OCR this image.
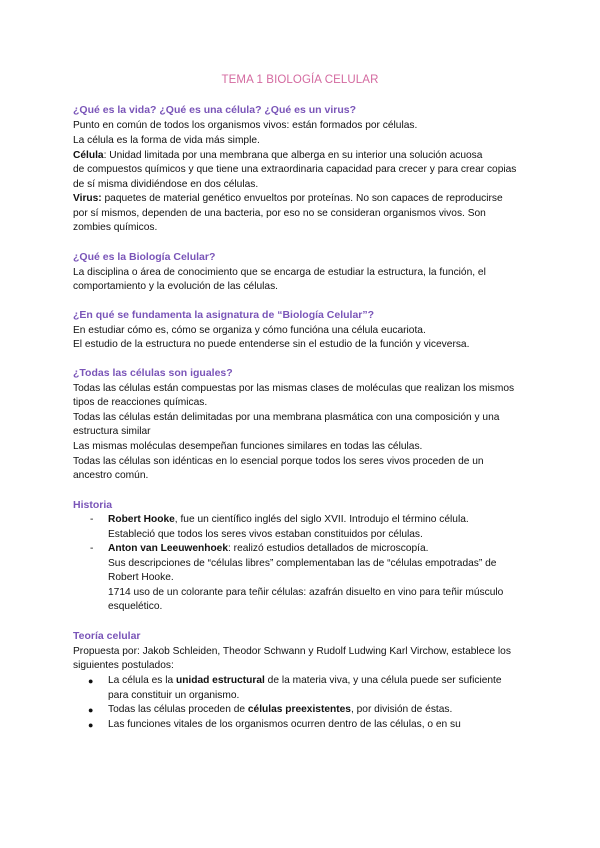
TEMA 1 BIOLOGÍA CELULAR
¿Qué es la vida? ¿Qué es una célula? ¿Qué es un virus?
Punto en común de todos los organismos vivos: están formados por células.
La célula es la forma de vida más simple.
Célula: Unidad limitada por una membrana que alberga en su interior una solución acuosa
de compuestos químicos y que tiene una extraordinaria capacidad para crecer y para crear copias
de sí misma dividiéndose en dos células.
Virus: paquetes de material genético envueltos por proteínas. No son capaces de reproducirse
por sí mismos, dependen de una bacteria, por eso no se consideran organismos vivos. Son
zombies químicos.
¿Qué es la Biología Celular?
La disciplina o área de conocimiento que se encarga de estudiar la estructura, la función, el
comportamiento y la evolución de las células.
¿En qué se fundamenta la asignatura de “Biología Celular”?
En estudiar cómo es, cómo se organiza y cómo funcióna una célula eucariota.
El estudio de la estructura no puede entenderse sin el estudio de la función y viceversa.
¿Todas las células son iguales?
Todas las células están compuestas por las mismas clases de moléculas que realizan los mismos
tipos de reacciones químicas.
Todas las células están delimitadas por una membrana plasmática con una composición y una
estructura similar
Las mismas moléculas desempeñan funciones similares en todas las células.
Todas las células son idénticas en lo esencial porque todos los seres vivos proceden de un
ancestro común.
Historia
- Robert Hooke, fue un científico inglés del siglo XVII. Introdujo el término célula.
Estableció que todos los seres vivos estaban constituidos por células.
- Anton van Leeuwenhoek: realizó estudios detallados de microscopía.
Sus descripciones de “células libres” complementaban las de “células empotradas” de
Robert Hooke.
1714 uso de un colorante para teñir células: azafrán disuelto en vino para teñir músculo
esquelético.
Teoría celular
Propuesta por: Jakob Schleiden, Theodor Schwann y Rudolf Ludwing Karl Virchow, establece los
siguientes postulados:
● La célula es la unidad estructural de la materia viva, y una célula puede ser suficiente
para constituir un organismo.
● Todas las células proceden de células preexistentes, por división de éstas.
● Las funciones vitales de los organismos ocurren dentro de las células, o en su
